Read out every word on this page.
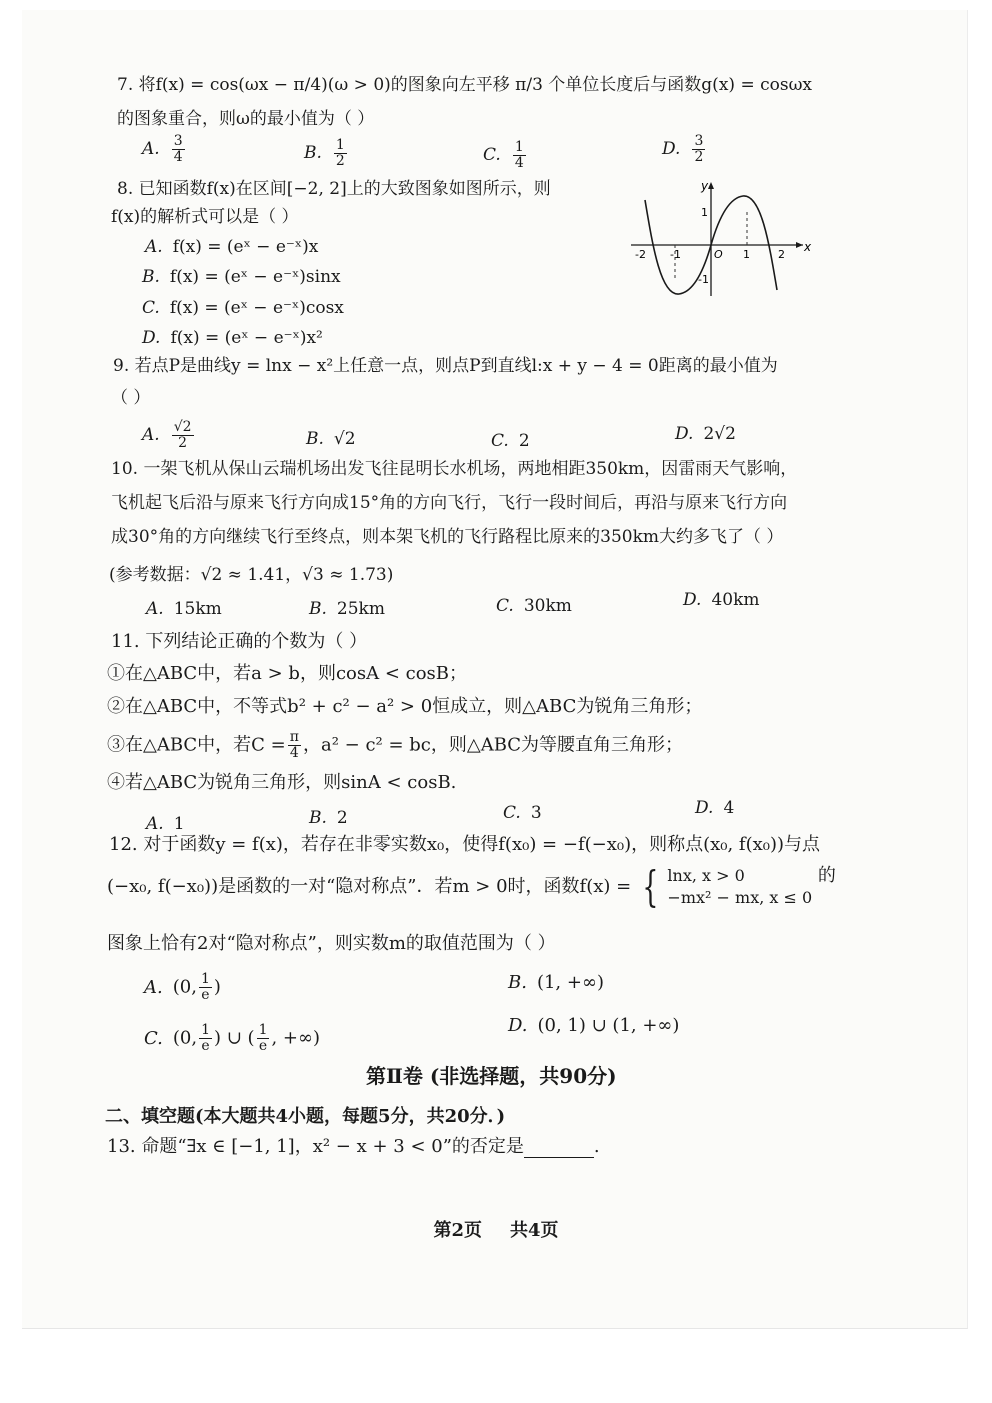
7. 将f(x) = cos(ωx − π/4)(ω > 0)的图象向左平移 π/3 个单位长度后与函数g(x) = cosωx
的图象重合，则ω的最小值为（ ）
A. $\frac{3}{4}$	B. $\frac{1}{2}$	C. $\frac{1}{4}$	D. $\frac{3}{2}$
8. 已知函数f(x)在区间[−2, 2]上的大致图象如图所示，则
f(x)的解析式可以是（ ）
A. f(x) = (eˣ − e⁻ˣ)x
B. f(x) = (eˣ − e⁻ˣ)sinx
C. f(x) = (eˣ − e⁻ˣ)cosx
D. f(x) = (eˣ − e⁻ˣ)x²
x
y
-2 -1	O 1	2
1
-1
9. 若点P是曲线y = lnx − x²上任意一点，则点P到直线l:x + y − 4 = 0距离的最小值为
（ ）
A. $\frac{√2}{2}$	B. √2	C. 2	D. 2√2
10. 一架飞机从保山云瑞机场出发飞往昆明长水机场，两地相距350km，因雷雨天气影响，
飞机起飞后沿与原来飞行方向成15°角的方向飞行，飞行一段时间后，再沿与原来飞行方向
成30°角的方向继续飞行至终点，则本架飞机的飞行路程比原来的350km大约多飞了（ ）
(参考数据：√2 ≈ 1.41，√3 ≈ 1.73)
A. 15km	B. 25km	C. 30km	D. 40km
11. 下列结论正确的个数为（ ）
①在△ABC中，若a > b，则cosA < cosB；
②在△ABC中，不等式b² + c² − a² > 0恒成立，则△ABC为锐角三角形；
③在△ABC中，若$C = \frac{\pi}{4}$ ，a² − c² = bc，则△ABC为等腰直角三角形；
④若△ABC为锐角三角形，则sinA < cosB.
A. 1	B. 2	C. 3	D. 4
12. 对于函数y = f(x)，若存在非零实数x₀，使得f(x₀) = −f(−x₀)，则称点(x₀, f(x₀))与点
(−x₀, f(−x₀))是函数的一对“隐对称点”．若m > 0时，函数f(x) = { lnx, x > 0
−mx² − mx, x ≤ 0
的
图象上恰有2对“隐对称点”，则实数m的取值范围为（ ）
A. (0, $\frac{1}{e}$ )	B. (1, +∞)
C. (0, $\frac{1}{e}$ ) ∪ ( $\frac{1}{e}$ , +∞)
D. (0, 1) ∪ (1, +∞)
第Ⅱ卷 (非选择题，共90分)
二、填空题(本大题共4小题，每题5分，共20分．)
13. 命题“∃x ∈ [−1, 1]，x² − x + 3 < 0”的否定是	.
第2页 共4页
